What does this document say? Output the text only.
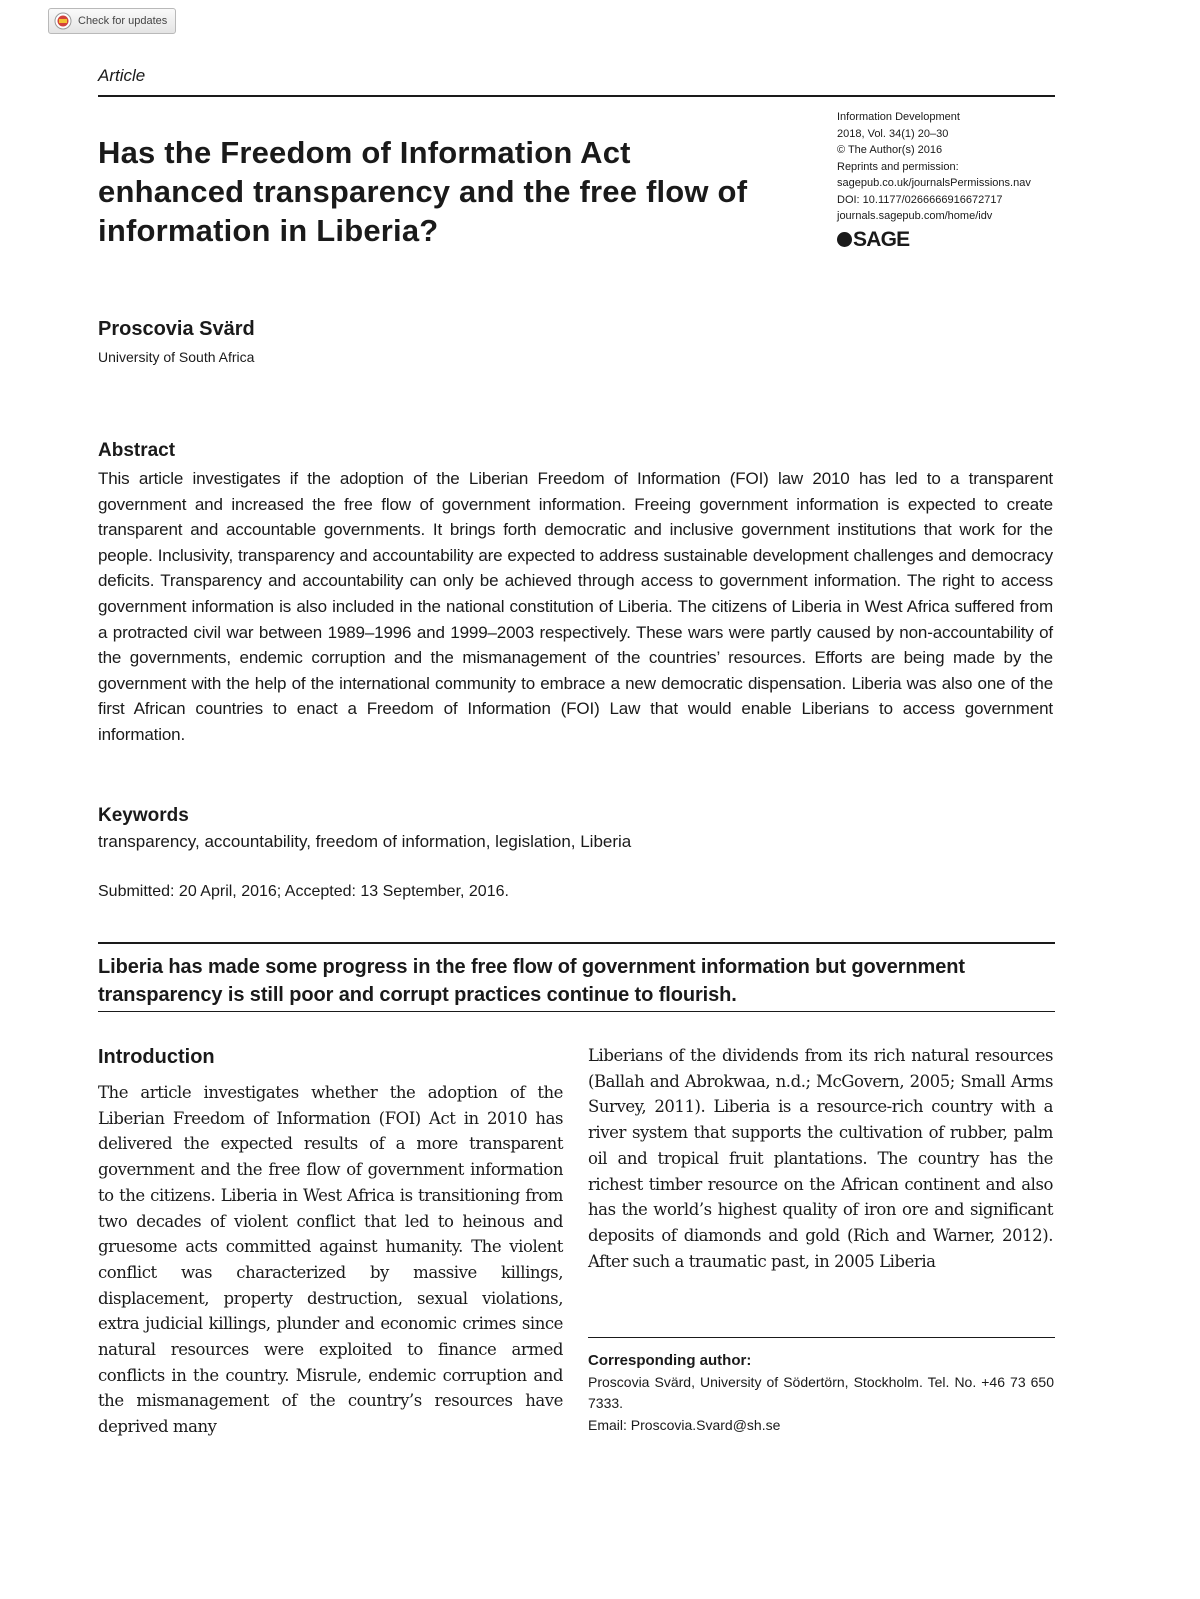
Check for updates
Article
Has the Freedom of Information Act enhanced transparency and the free flow of information in Liberia?
Information Development
2018, Vol. 34(1) 20–30
© The Author(s) 2016
Reprints and permission:
sagepub.co.uk/journalsPermissions.nav
DOI: 10.1177/0266666916672717
journals.sagepub.com/home/idv
SAGE
Proscovia Svärd
University of South Africa
Abstract

This article investigates if the adoption of the Liberian Freedom of Information (FOI) law 2010 has led to a transparent government and increased the free flow of government information. Freeing government information is expected to create transparent and accountable governments. It brings forth democratic and inclusive government institutions that work for the people. Inclusivity, transparency and accountability are expected to address sustainable development challenges and democracy deficits. Transparency and accountability can only be achieved through access to government information. The right to access government information is also included in the national constitution of Liberia. The citizens of Liberia in West Africa suffered from a protracted civil war between 1989–1996 and 1999–2003 respectively. These wars were partly caused by non-accountability of the governments, endemic corruption and the mismanagement of the countries’ resources. Efforts are being made by the government with the help of the international community to embrace a new democratic dispensation. Liberia was also one of the first African countries to enact a Freedom of Information (FOI) Law that would enable Liberians to access government information.

Keywords
transparency, accountability, freedom of information, legislation, Liberia
Submitted: 20 April, 2016; Accepted: 13 September, 2016.

Liberia has made some progress in the free flow of government information but government transparency is still poor and corrupt practices continue to flourish.

Introduction

The article investigates whether the adoption of the Liberian Freedom of Information (FOI) Act in 2010 has delivered the expected results of a more transparent government and the free flow of government information to the citizens. Liberia in West Africa is transitioning from two decades of violent conflict that led to heinous and gruesome acts committed against humanity. The violent conflict was characterized by massive killings, displacement, property destruction, sexual violations, extra judicial killings, plunder and economic crimes since natural resources were exploited to finance armed conflicts in the country. Misrule, endemic corruption and the mismanagement of the country’s resources have deprived many

Liberians of the dividends from its rich natural resources (Ballah and Abrokwaa, n.d.; McGovern, 2005; Small Arms Survey, 2011). Liberia is a resource-rich country with a river system that supports the cultivation of rubber, palm oil and tropical fruit plantations. The country has the richest timber resource on the African continent and also has the world’s highest quality of iron ore and significant deposits of diamonds and gold (Rich and Warner, 2012). After such a traumatic past, in 2005 Liberia

Corresponding author:
Proscovia Svärd, University of Södertörn, Stockholm. Tel. No. +46 73 650 7333.
Email: Proscovia.Svard@sh.se
